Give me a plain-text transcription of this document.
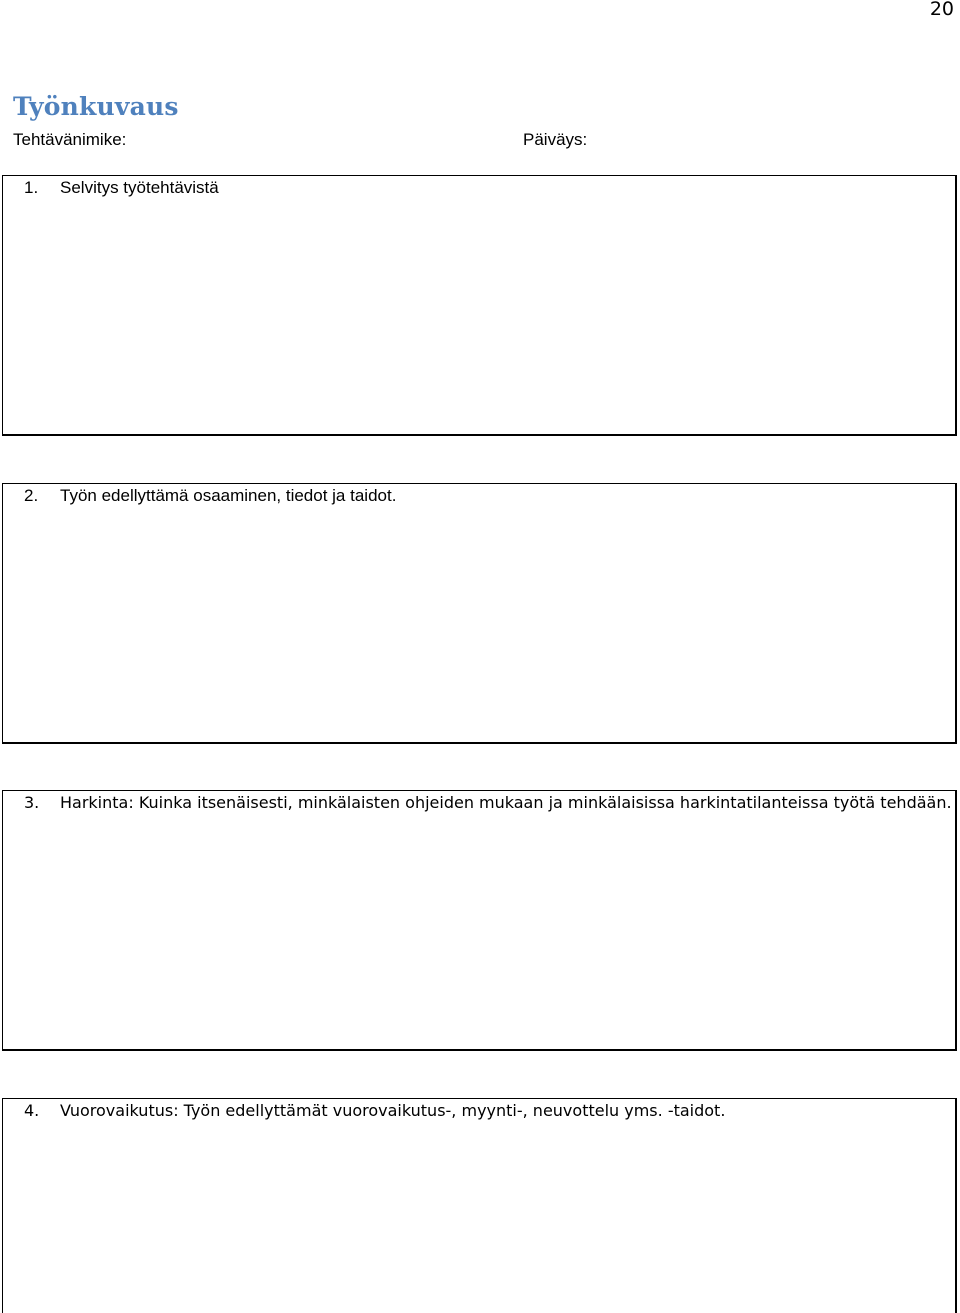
20
Työnkuvaus
Tehtävänimike:	Päiväys:
1.	Selvitys työtehtävistä
2.	Työn edellyttämä osaaminen, tiedot ja taidot.
3.	Harkinta: Kuinka itsenäisesti, minkälaisten ohjeiden mukaan ja minkälaisissa harkintatilanteissa työtä tehdään.
4.	Vuorovaikutus: Työn edellyttämät vuorovaikutus-, myynti-, neuvottelu yms. -taidot.
